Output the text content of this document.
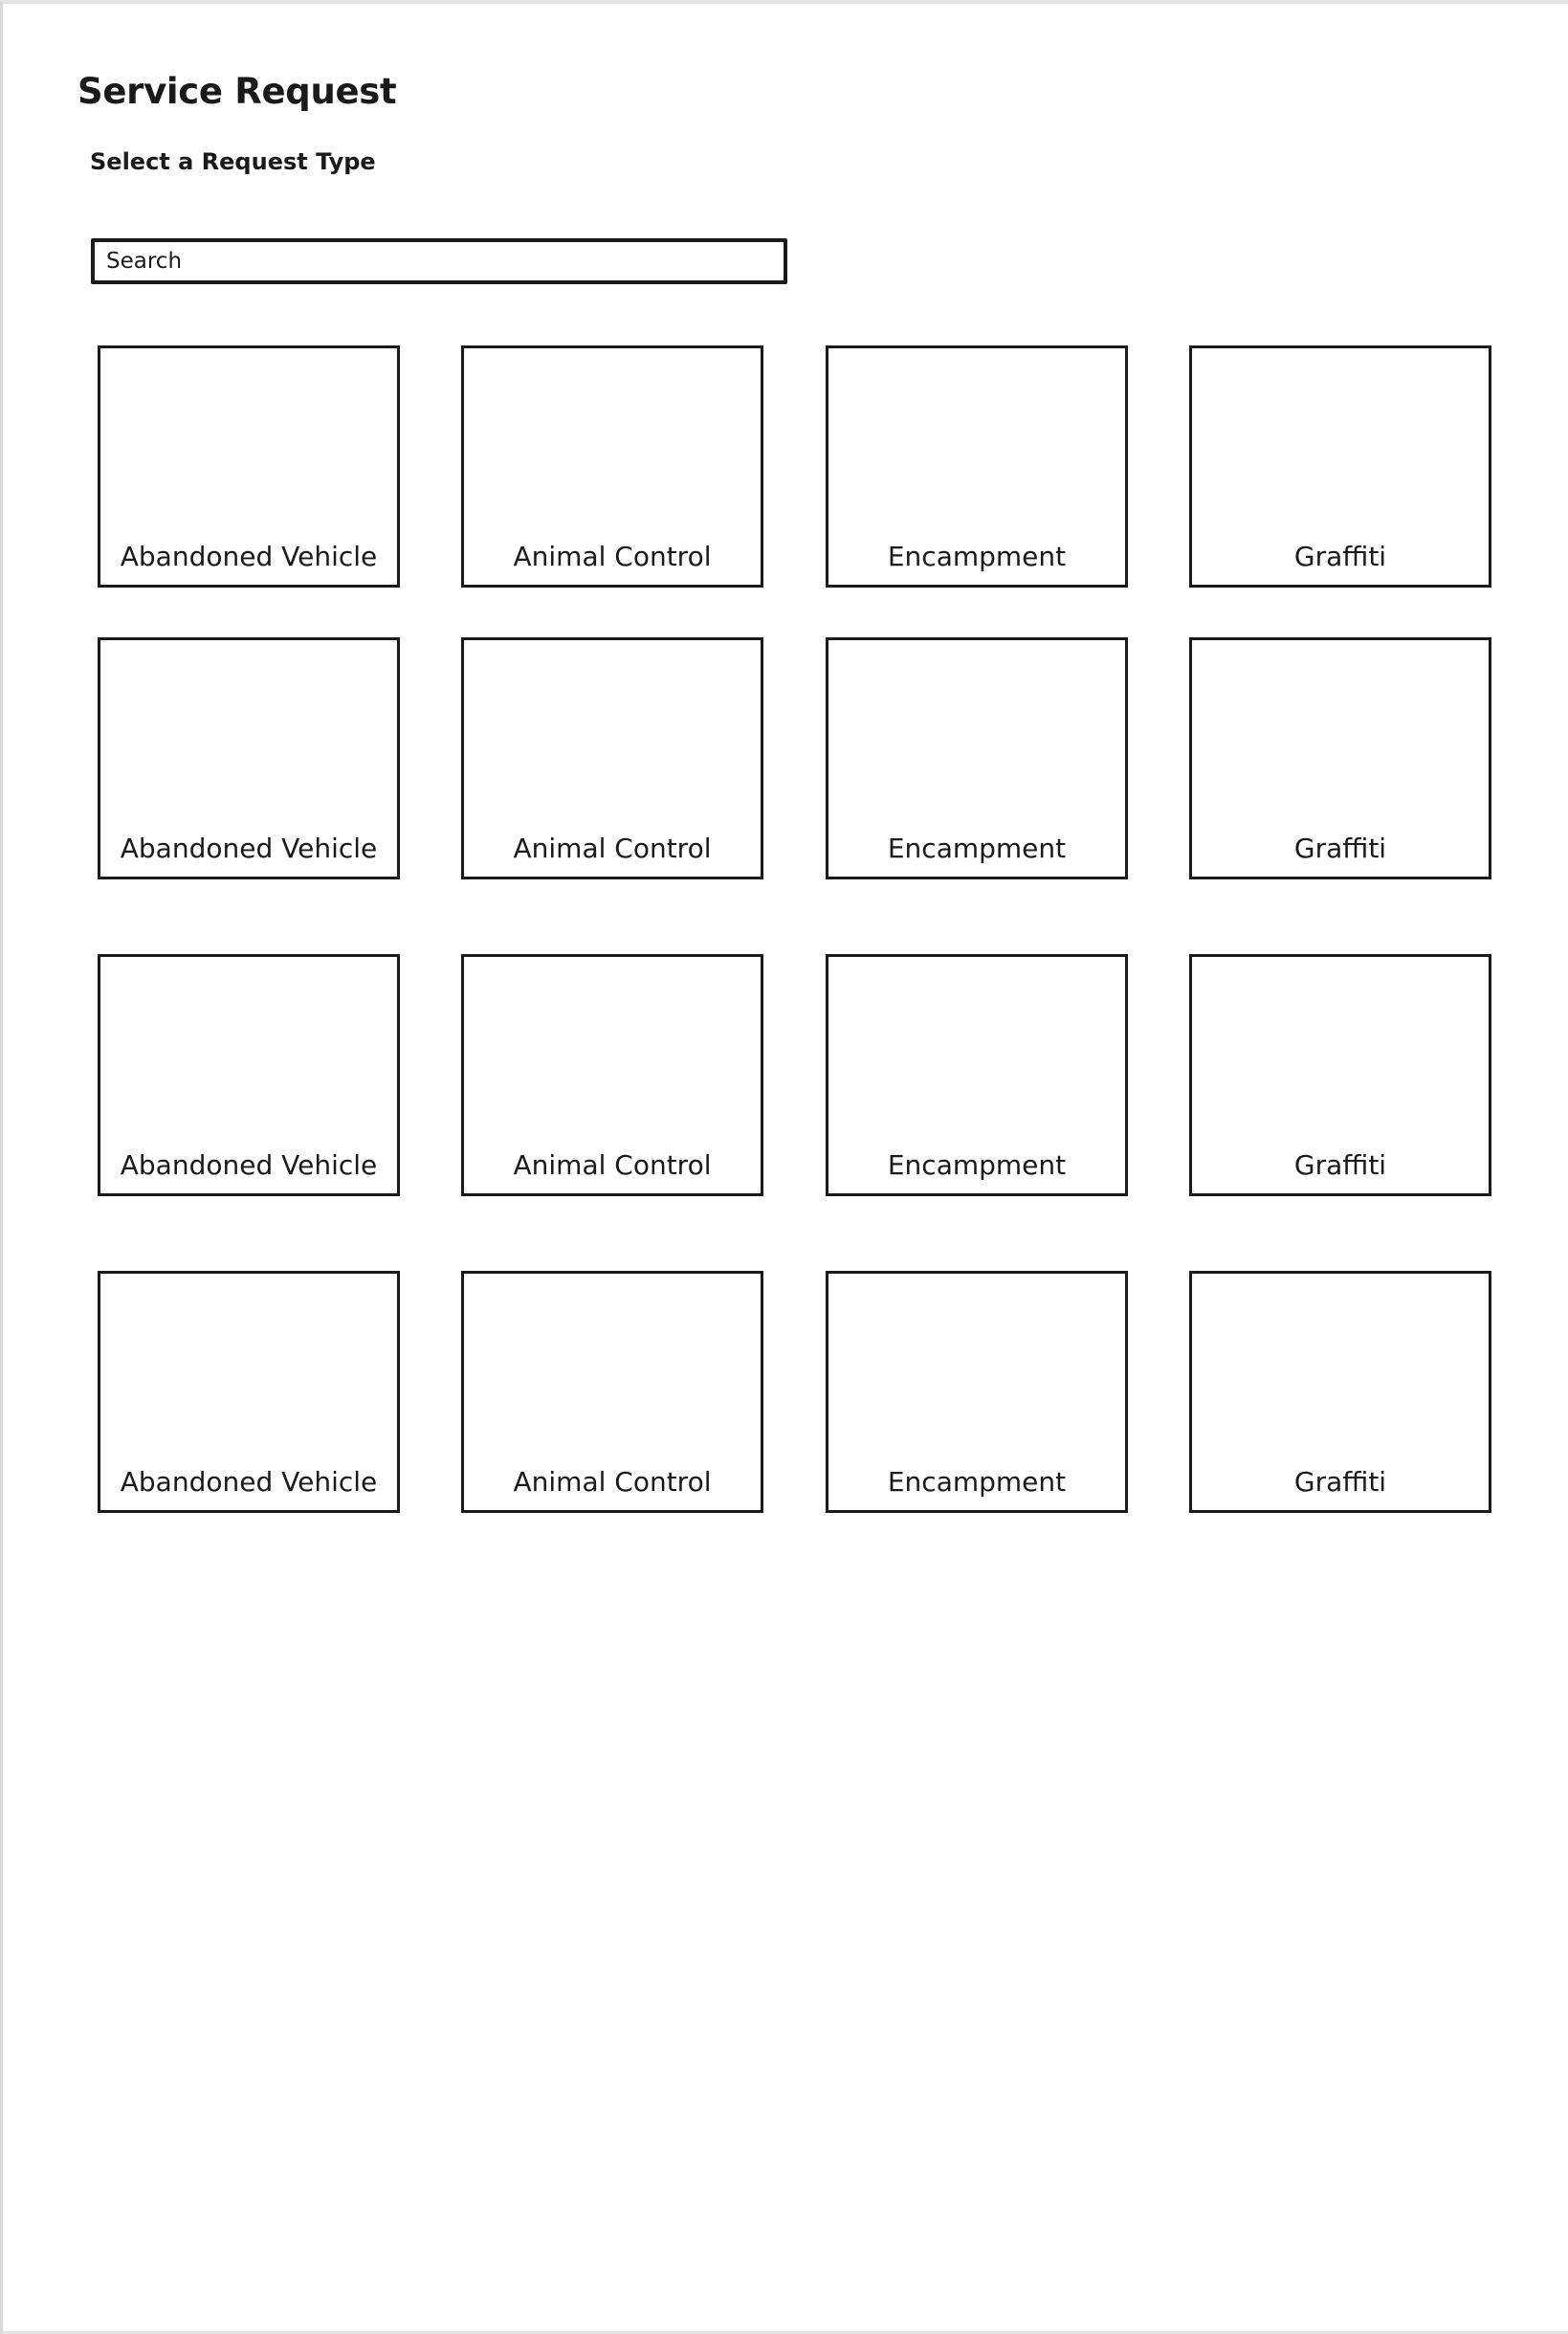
Service Request
Select a Request Type
Search
Abandoned Vehicle	Animal Control	Encampment	Graffiti
Abandoned Vehicle	Animal Control	Encampment	Graffiti
Abandoned Vehicle	Animal Control	Encampment	Graffiti
Abandoned Vehicle	Animal Control	Encampment	Graffiti
